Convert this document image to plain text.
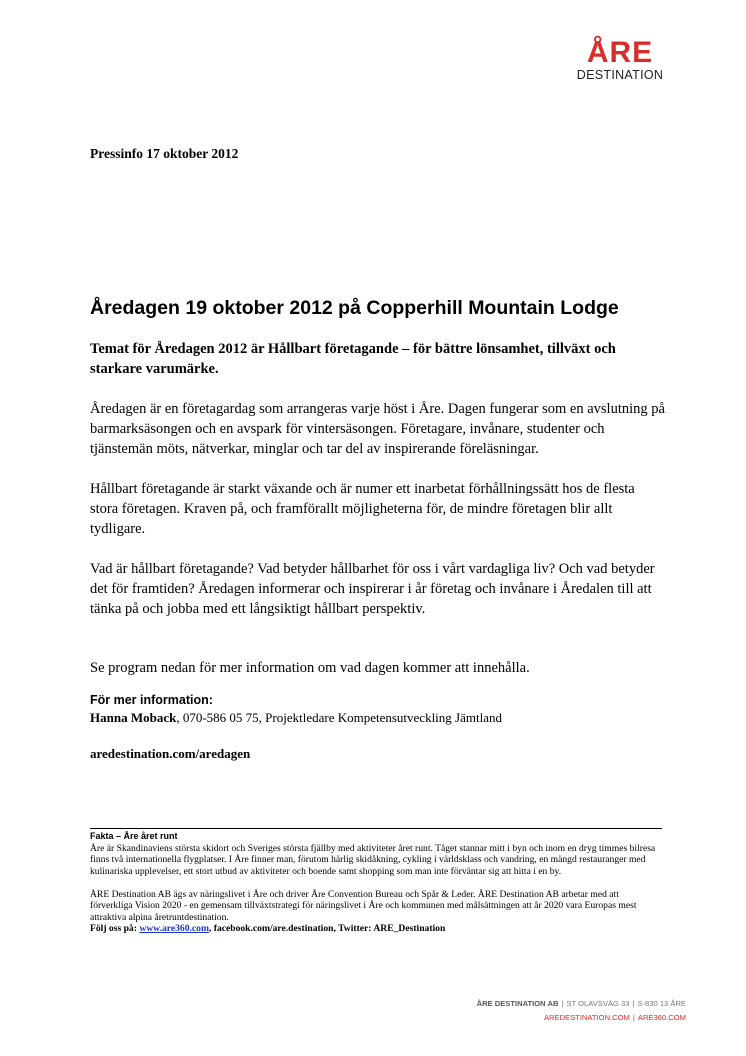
ÅRE
DESTINATION
Pressinfo 17 oktober 2012
Åredagen 19 oktober 2012 på Copperhill Mountain Lodge

Temat för Åredagen 2012 är Hållbart företagande – för bättre lönsamhet, tillväxt och starkare varumärke.

Åredagen är en företagardag som arrangeras varje höst i Åre. Dagen fungerar som en avslutning på barmarksäsongen och en avspark för vintersäsongen. Företagare, invånare, studenter och tjänstemän möts, nätverkar, minglar och tar del av inspirerande föreläsningar.

Hållbart företagande är starkt växande och är numer ett inarbetat förhållningssätt hos de flesta stora företagen. Kraven på, och framförallt möjligheterna för, de mindre företagen blir allt tydligare.

Vad är hållbart företagande? Vad betyder hållbarhet för oss i vårt vardagliga liv? Och vad betyder det för framtiden? Åredagen informerar och inspirerar i år företag och invånare i Åredalen till att tänka på och jobba med ett långsiktigt hållbart perspektiv.

Se program nedan för mer information om vad dagen kommer att innehålla.

För mer information:
Hanna Moback, 070-586 05 75, Projektledare Kompetensutveckling Jämtland
aredestination.com/aredagen
Fakta – Åre året runt

Åre är Skandinaviens största skidort och Sveriges största fjällby med aktiviteter året runt. Tåget stannar mitt i byn och inom en dryg timmes bilresa finns två internationella flygplatser. I Åre finner man, förutom härlig skidåkning, cykling i världsklass och vandring, en mängd restauranger med kulinariska upplevelser, ett stort utbud av aktiviteter och boende samt shopping som man inte förväntar sig att hitta i en by.

ÅRE Destination AB ägs av näringslivet i Åre och driver Åre Convention Bureau och Spår & Leder. ÅRE Destination AB arbetar med att förverkliga Vision 2020 - en gemensam tillväxtstrategi för näringslivet i Åre och kommunen med målsättningen att år 2020 vara Europas mest attraktiva alpina åretruntdestination.

Följ oss på: www.are360.com, facebook.com/are.destination, Twitter: ARE_Destination

ÅRE DESTINATION AB | ST OLAVSVÄG 33 | S-830 13 ÅRE
AREDESTINATION.COM | ARE360.COM
